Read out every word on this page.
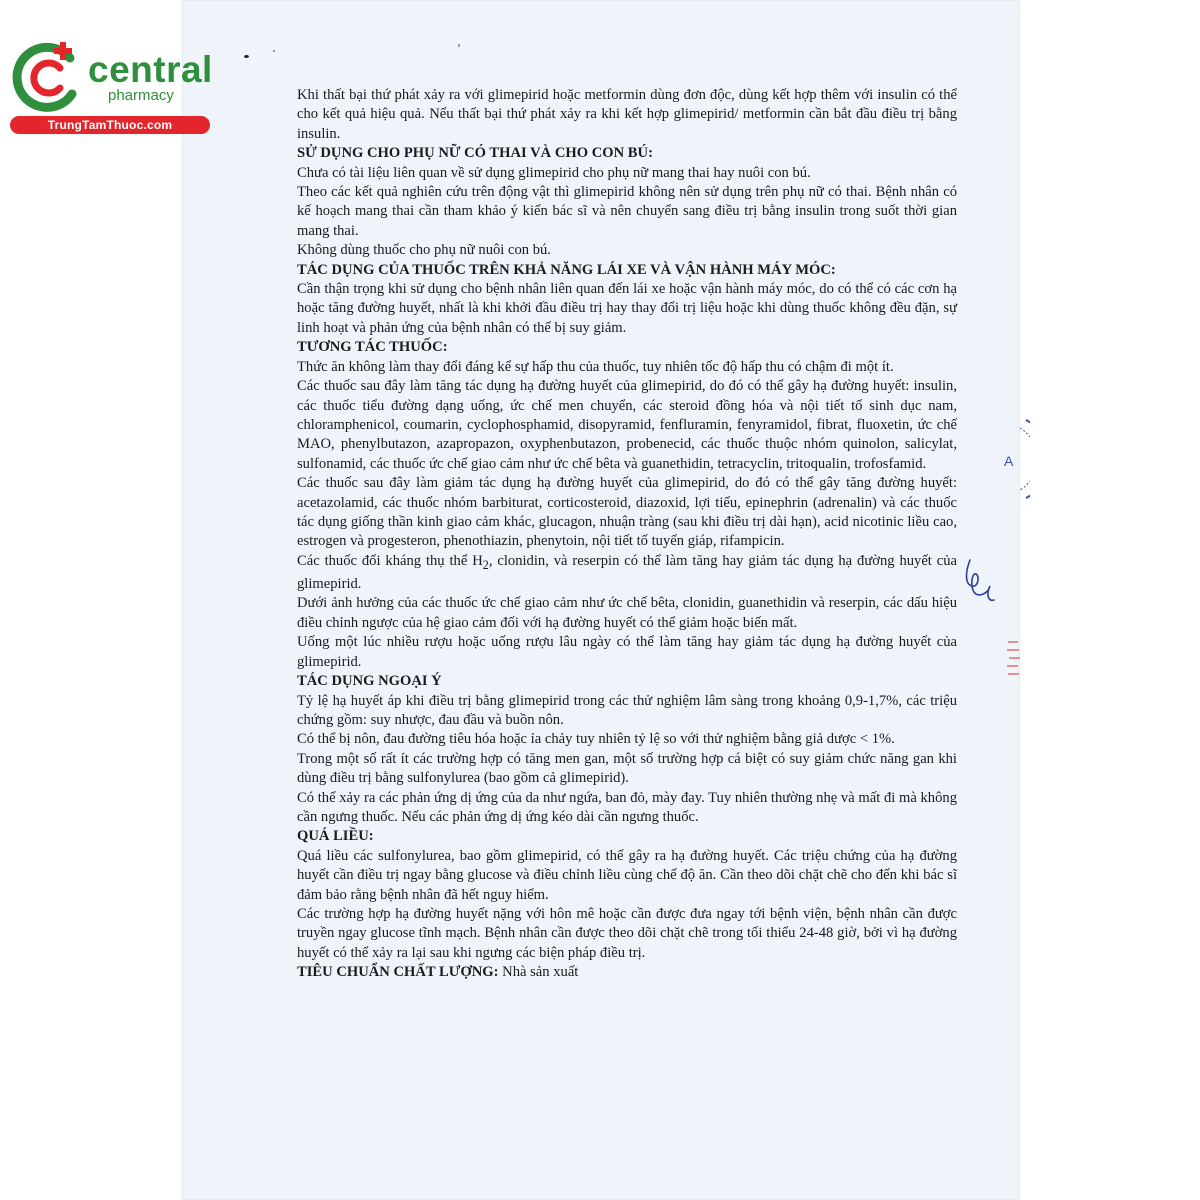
central
pharmacy
TrungTamThuoc.com

Khi thất bại thứ phát xảy ra với glimepirid hoặc metformin dùng đơn độc, dùng kết hợp thêm với insulin có thể cho kết quả hiệu quả. Nếu thất bại thứ phát xảy ra khi kết hợp glimepirid/ metformin cần bắt đầu điều trị bằng insulin.

SỬ DỤNG CHO PHỤ NỮ CÓ THAI VÀ CHO CON BÚ:

Chưa có tài liệu liên quan về sử dụng glimepirid cho phụ nữ mang thai hay nuôi con bú.

Theo các kết quả nghiên cứu trên động vật thì glimepirid không nên sử dụng trên phụ nữ có thai. Bệnh nhân có kế hoạch mang thai cần tham khảo ý kiến bác sĩ và nên chuyển sang điều trị bằng insulin trong suốt thời gian mang thai.

Không dùng thuốc cho phụ nữ nuôi con bú.

TÁC DỤNG CỦA THUỐC TRÊN KHẢ NĂNG LÁI XE VÀ VẬN HÀNH MÁY MÓC:

Cần thận trọng khi sử dụng cho bệnh nhân liên quan đến lái xe hoặc vận hành máy móc, do có thể có các cơn hạ hoặc tăng đường huyết, nhất là khi khởi đầu điều trị hay thay đổi trị liệu hoặc khi dùng thuốc không đều đặn, sự linh hoạt và phản ứng của bệnh nhân có thể bị suy giảm.

TƯƠNG TÁC THUỐC:

Thức ăn không làm thay đổi đáng kể sự hấp thu của thuốc, tuy nhiên tốc độ hấp thu có chậm đi một ít.

Các thuốc sau đây làm tăng tác dụng hạ đường huyết của glimepirid, do đó có thể gây hạ đường huyết: insulin, các thuốc tiểu đường dạng uống, ức chế men chuyển, các steroid đồng hóa và nội tiết tố sinh dục nam, chloramphenicol, coumarin, cyclophosphamid, disopyramid, fenfluramin, fenyramidol, fibrat, fluoxetin, ức chế MAO, phenylbutazon, azapropazon, oxyphenbutazon, probenecid, các thuốc thuộc nhóm quinolon, salicylat, sulfonamid, các thuốc ức chế giao cảm như ức chế bêta và guanethidin, tetracyclin, tritoqualin, trofosfamid.

Các thuốc sau đây làm giảm tác dụng hạ đường huyết của glimepirid, do đó có thể gây tăng đường huyết: acetazolamid, các thuốc nhóm barbiturat, corticosteroid, diazoxid, lợi tiểu, epinephrin (adrenalin) và các thuốc tác dụng giống thần kinh giao cảm khác, glucagon, nhuận tràng (sau khi điều trị dài hạn), acid nicotinic liều cao, estrogen và progesteron, phenothiazin, phenytoin, nội tiết tố tuyến giáp, rifampicin.

Các thuốc đối kháng thụ thể $H_2$, clonidin, và reserpin có thể làm tăng hay giảm tác dụng hạ đường huyết của glimepirid.

Dưới ảnh hưởng của các thuốc ức chế giao cảm như ức chế bêta, clonidin, guanethidin và reserpin, các dấu hiệu điều chỉnh ngược của hệ giao cảm đối với hạ đường huyết có thể giảm hoặc biến mất.

Uống một lúc nhiều rượu hoặc uống rượu lâu ngày có thể làm tăng hay giảm tác dụng hạ đường huyết của glimepirid.

TÁC DỤNG NGOẠI Ý

Tỷ lệ hạ huyết áp khi điều trị bằng glimepirid trong các thử nghiệm lâm sàng trong khoảng 0,9-1,7%, các triệu chứng gồm: suy nhược, đau đầu và buồn nôn.

Có thể bị nôn, đau đường tiêu hóa hoặc ỉa chảy tuy nhiên tỷ lệ so với thử nghiệm bằng giả dược < 1%.

Trong một số rất ít các trường hợp có tăng men gan, một số trường hợp cá biệt có suy giảm chức năng gan khi dùng điều trị bằng sulfonylurea (bao gồm cả glimepirid).

Có thể xảy ra các phản ứng dị ứng của da như ngứa, ban đỏ, mày đay. Tuy nhiên thường nhẹ và mất đi mà không cần ngưng thuốc. Nếu các phản ứng dị ứng kéo dài cần ngưng thuốc.

QUÁ LIỀU:

Quá liều các sulfonylurea, bao gồm glimepirid, có thể gây ra hạ đường huyết. Các triệu chứng của hạ đường huyết cần điều trị ngay bằng glucose và điều chỉnh liều cùng chế độ ăn. Cần theo dõi chặt chẽ cho đến khi bác sĩ đảm bảo rằng bệnh nhân đã hết nguy hiểm.

Các trường hợp hạ đường huyết nặng với hôn mê hoặc cần được đưa ngay tới bệnh viện, bệnh nhân cần được truyền ngay glucose tĩnh mạch. Bệnh nhân cần được theo dõi chặt chẽ trong tối thiểu 24-48 giờ, bởi vì hạ đường huyết có thể xảy ra lại sau khi ngưng các biện pháp điều trị.

TIÊU CHUẨN CHẤT LƯỢNG: Nhà sản xuất

A
